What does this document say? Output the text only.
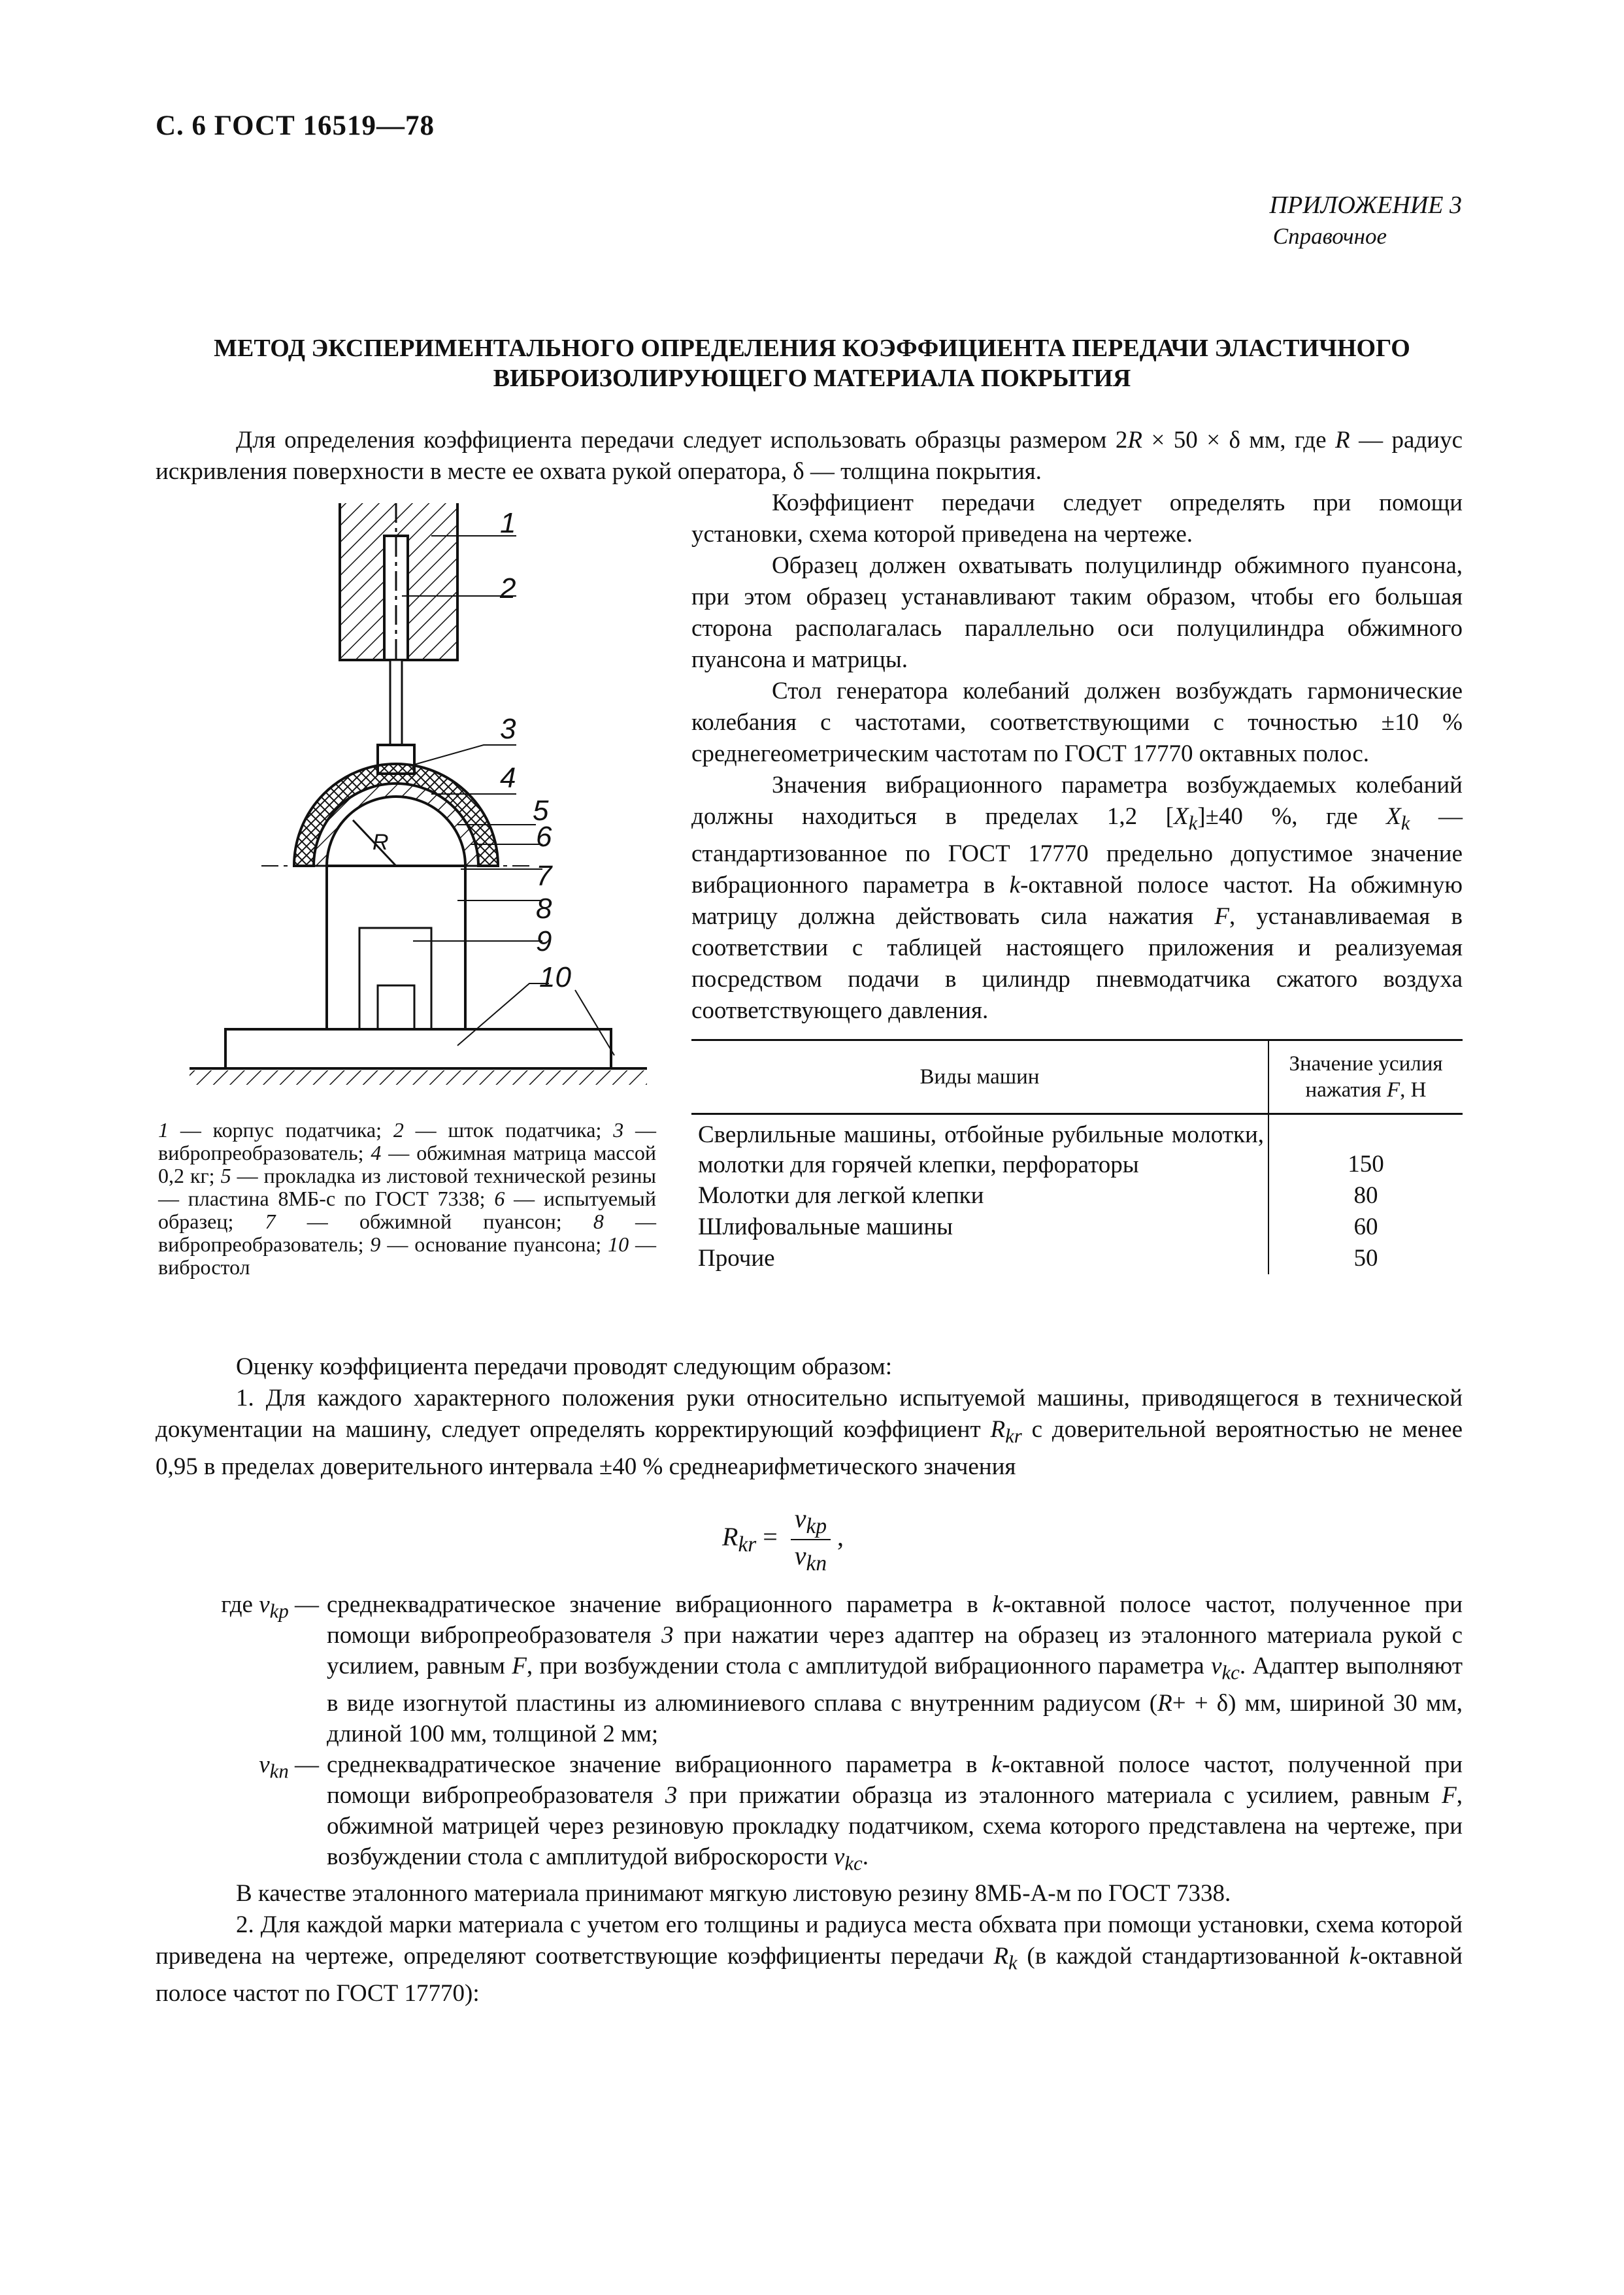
С. 6 ГОСТ 16519—78
ПРИЛОЖЕНИЕ 3
Справочное
МЕТОД ЭКСПЕРИМЕНТАЛЬНОГО ОПРЕДЕЛЕНИЯ КОЭФФИЦИЕНТА ПЕРЕДАЧИ ЭЛАСТИЧНОГО
ВИБРОИЗОЛИРУЮЩЕГО МАТЕРИАЛА ПОКРЫТИЯ
Для определения коэффициента передачи следует использовать образцы размером 2R × 50 × δ мм, где R — радиус искривления поверхности в месте ее охвата рукой оператора, δ — толщина покрытия.
R
1
2
3
4
5
6
7
8
9
10
1 — корпус податчика; 2 — шток податчика; 3 — вибропреобразователь; 4 — обжимная матрица массой 0,2 кг; 5 — прокладка из листовой технической резины — пластина 8МБ-с по ГОСТ 7338; 6 — испытуемый образец; 7 — обжимной пуансон; 8 — вибропреобразователь; 9 — основание пуансона; 10 — вибростол
Коэффициент передачи следует определять при помощи установки, схема которой приведена на чертеже.
Образец должен охватывать полуцилиндр обжимного пуансона, при этом образец устанавливают таким образом, чтобы его большая сторона располагалась параллельно оси полуцилиндра обжимного пуансона и матрицы.
Стол генератора колебаний должен возбуждать гармонические колебания с частотами, соответствующими с точностью ±10 % среднегеометрическим частотам по ГОСТ 17770 октавных полос.
Значения вибрационного параметра возбуждаемых колебаний должны находиться в пределах 1,2 $[X_k]\pm 40$ %, где $X_k$ — стандартизованное по ГОСТ 17770 предельно допустимое значение вибрационного параметра в k-октавной полосе частот. На обжимную матрицу должна действовать сила нажатия F, устанавливаемая в соответствии с таблицей настоящего приложения и реализуемая посредством подачи в цилиндр пневмодатчика сжатого воздуха соответствующего давления.
Виды машин	Значение усилия нажатия F, Н
Сверлильные машины, отбойные рубильные молотки, молотки для горячей клепки, перфораторы	150
Молотки для легкой клепки	80
Шлифовальные машины	60
Прочие	50
Оценку коэффициента передачи проводят следующим образом:
1. Для каждого характерного положения руки относительно испытуемой машины, приводящегося в технической документации на машину, следует определять корректирующий коэффициент $R_{kr}$ с доверительной вероятностью не менее 0,95 в пределах доверительного интервала ±40 % среднеарифметического значения
$R_{kr} = \frac{v_{kp}}{v_{kп}}$ ,
где $v_{kp}$ — среднеквадратическое значение вибрационного параметра в k-октавной полосе частот, полученное при помощи вибропреобразователя 3 при нажатии через адаптер на образец из эталонного материала рукой с усилием, равным F, при возбуждении стола с амплитудой вибрационного параметра $v_{kc}$. Адаптер выполняют в виде изогнутой пластины из алюминиевого сплава с внутренним радиусом (R+ + δ) мм, шириной 30 мм, длиной 100 мм, толщиной 2 мм;
$v_{kп}$ — среднеквадратическое значение вибрационного параметра в k-октавной полосе частот, полученной при помощи вибропреобразователя 3 при прижатии образца из эталонного материала с усилием, равным F, обжимной матрицей через резиновую прокладку податчиком, схема которого представлена на чертеже, при возбуждении стола с амплитудой виброскорости $v_{kc}$.
В качестве эталонного материала принимают мягкую листовую резину 8МБ-А-м по ГОСТ 7338.
2. Для каждой марки материала с учетом его толщины и радиуса места обхвата при помощи установки, схема которой приведена на чертеже, определяют соответствующие коэффициенты передачи $R_k$ (в каждой стандартизованной k-октавной полосе частот по ГОСТ 17770):
